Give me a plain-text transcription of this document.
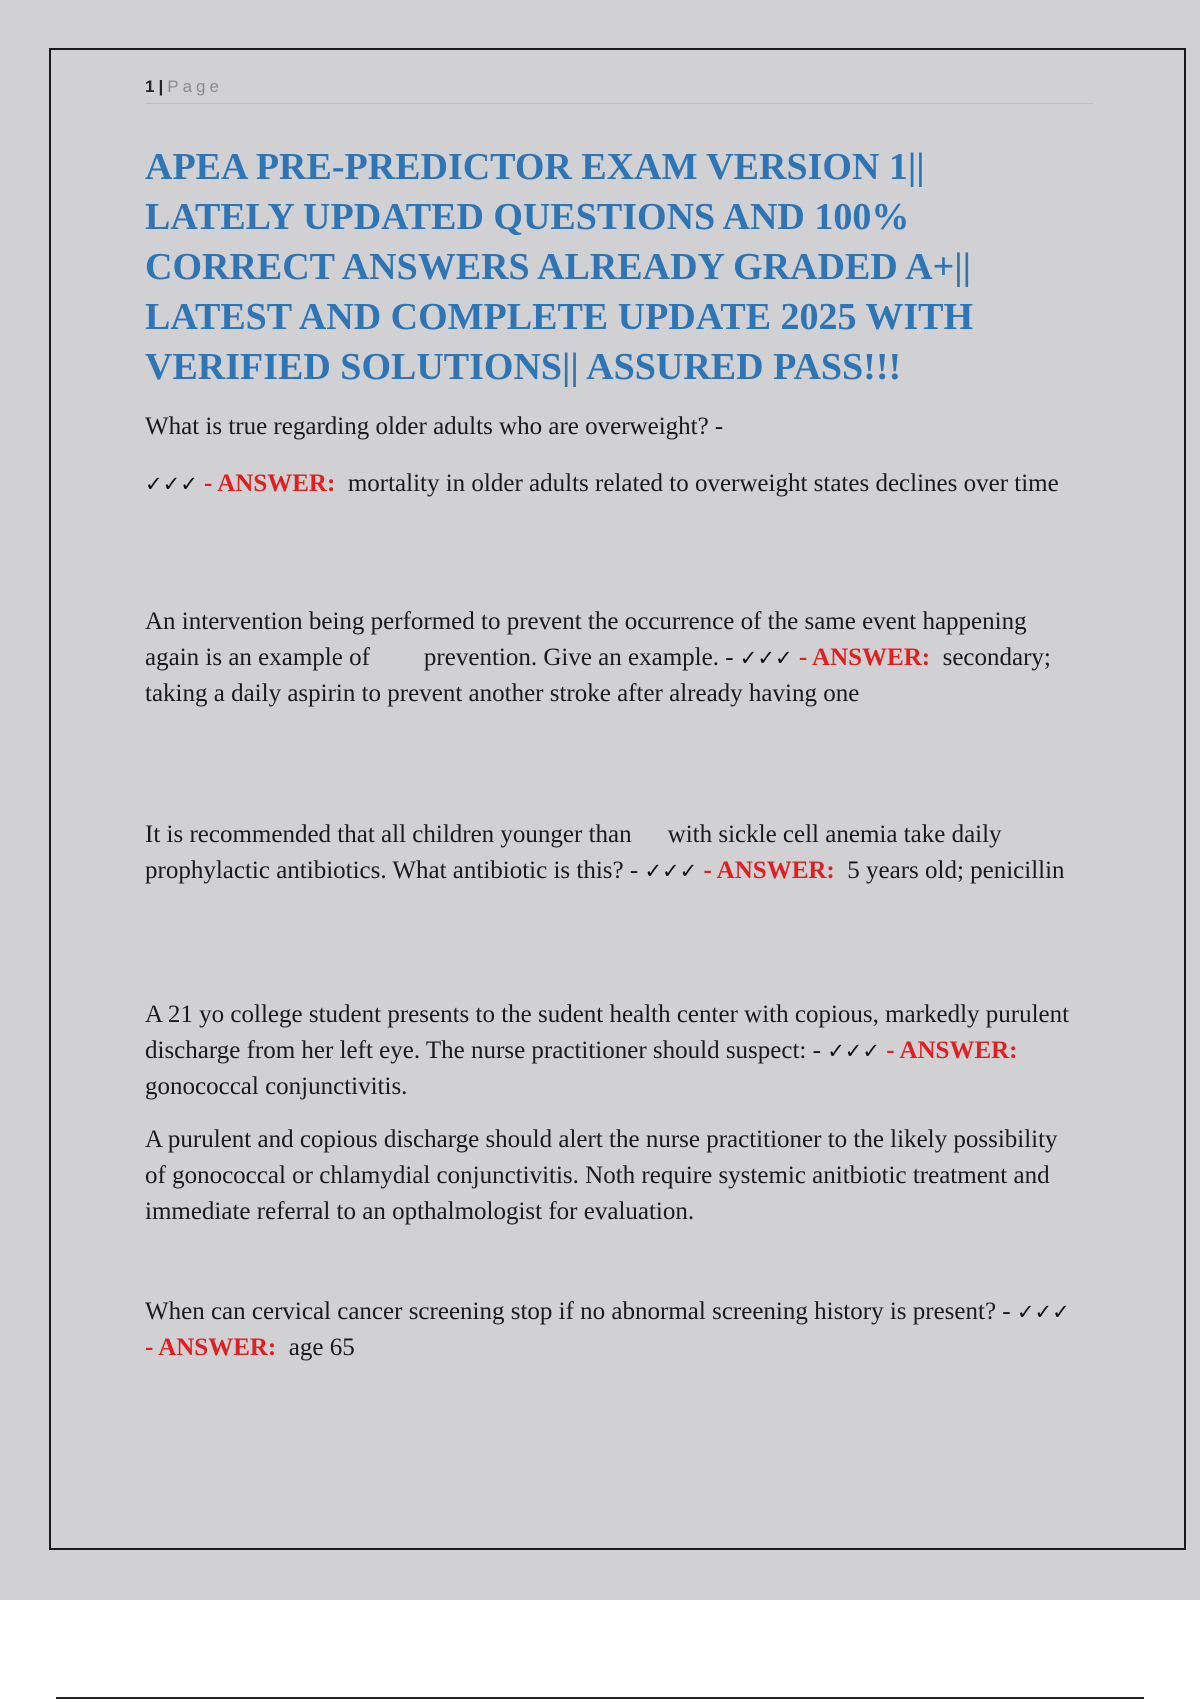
1 | Page
APEA PRE-PREDICTOR EXAM VERSION 1|| LATELY UPDATED QUESTIONS AND 100% CORRECT ANSWERS ALREADY GRADED A+|| LATEST AND COMPLETE UPDATE 2025 WITH VERIFIED SOLUTIONS|| ASSURED PASS!!!

What is true regarding older adults who are overweight? -

✓✓✓ - ANSWER: mortality in older adults related to overweight states declines over time

An intervention being performed to prevent the occurrence of the same event happening again is an example of prevention. Give an example. - ✓✓✓ - ANSWER: secondary; taking a daily aspirin to prevent another stroke after already having one

It is recommended that all children younger than with sickle cell anemia take daily prophylactic antibiotics. What antibiotic is this? - ✓✓✓ - ANSWER: 5 years old; penicillin

A 21 yo college student presents to the sudent health center with copious, markedly purulent discharge from her left eye. The nurse practitioner should suspect: - ✓✓✓ - ANSWER:  gonococcal conjunctivitis.

A purulent and copious discharge should alert the nurse practitioner to the likely possibility of gonococcal or chlamydial conjunctivitis. Noth require systemic anitbiotic treatment and immediate referral to an opthalmologist for evaluation.

When can cervical cancer screening stop if no abnormal screening history is present? - ✓✓✓ - ANSWER: age 65
